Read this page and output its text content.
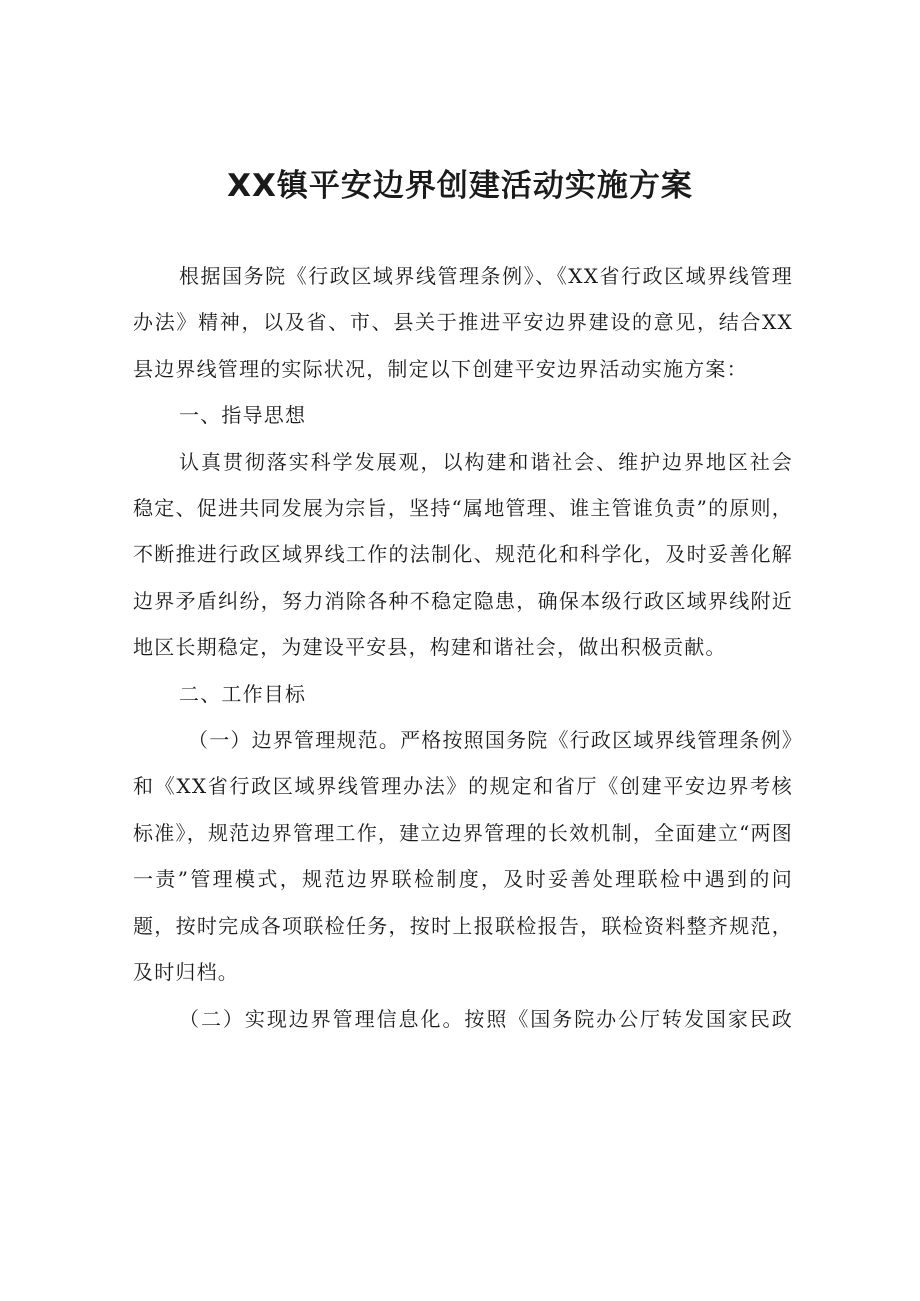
XX镇平安边界创建活动实施方案

根据国务院《行政区域界线管理条例》、《XX省行政区域界线管理办法》精神，以及省、市、县关于推进平安边界建设的意见，结合XX县边界线管理的实际状况，制定以下创建平安边界活动实施方案：

一、指导思想

认真贯彻落实科学发展观，以构建和谐社会、维护边界地区社会稳定、促进共同发展为宗旨，坚持“属地管理、谁主管谁负责”的原则，不断推进行政区域界线工作的法制化、规范化和科学化，及时妥善化解边界矛盾纠纷，努力消除各种不稳定隐患，确保本级行政区域界线附近地区长期稳定，为建设平安县，构建和谐社会，做出积极贡献。

二、工作目标

（一）边界管理规范。严格按照国务院《行政区域界线管理条例》和《XX省行政区域界线管理办法》的规定和省厅《创建平安边界考核标准》，规范边界管理工作，建立边界管理的长效机制，全面建立“两图一责”管理模式，规范边界联检制度，及时妥善处理联检中遇到的问题，按时完成各项联检任务，按时上报联检报告，联检资料整齐规范，及时归档。

（二）实现边界管理信息化。按照《国务院办公厅转发国家民政
